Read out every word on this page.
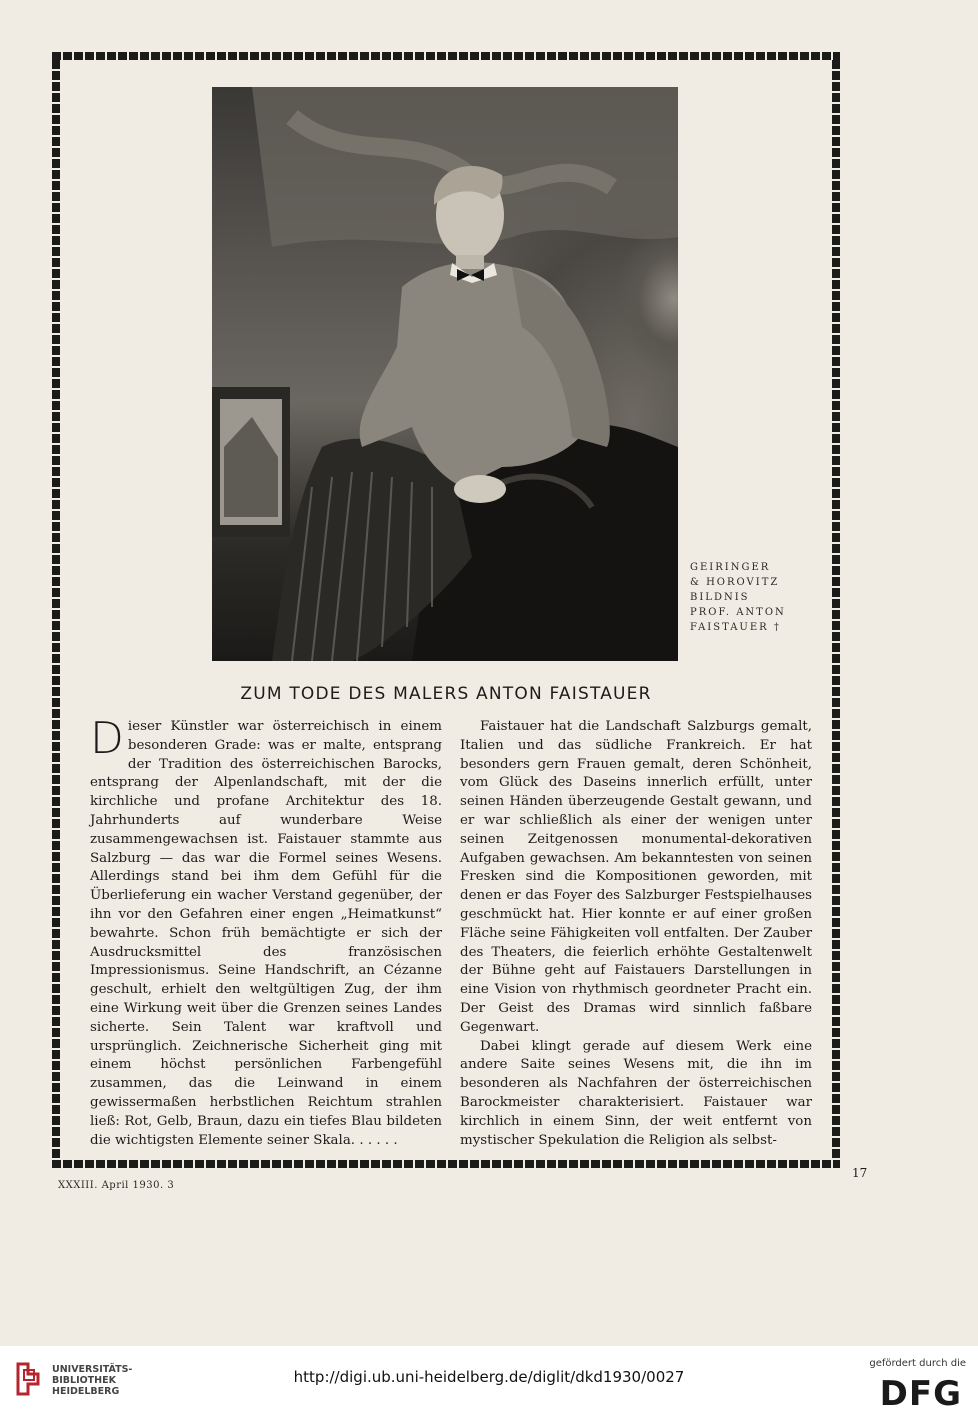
GEIRINGER
& HOROVITZ
BILDNIS
PROF. ANTON
FAISTAUER †
ZUM TODE DES MALERS ANTON FAISTAUER

Dieser Künstler war österreichisch in einem besonderen Grade: was er malte, entsprang der Tradition des österreichischen Barocks, entsprang der Alpenlandschaft, mit der die kirchliche und profane Architektur des 18. Jahrhunderts auf wunderbare Weise zusammengewachsen ist. Faistauer stammte aus Salzburg — das war die Formel seines Wesens. Allerdings stand bei ihm dem Gefühl für die Überlieferung ein wacher Verstand gegenüber, der ihn vor den Gefahren einer engen „Heimatkunst“ bewahrte. Schon früh bemächtigte er sich der Ausdrucksmittel des französischen Impressionismus. Seine Handschrift, an Cézanne geschult, erhielt den weltgültigen Zug, der ihm eine Wirkung weit über die Grenzen seines Landes sicherte. Sein Talent war kraftvoll und ursprünglich. Zeichnerische Sicherheit ging mit einem höchst persönlichen Farbengefühl zusammen, das die Leinwand in einem gewissermaßen herbstlichen Reichtum strahlen ließ: Rot, Gelb, Braun, dazu ein tiefes Blau bildeten die wichtigsten Elemente seiner Skala. . . . . .

Faistauer hat die Landschaft Salzburgs gemalt, Italien und das südliche Frankreich. Er hat besonders gern Frauen gemalt, deren Schönheit, vom Glück des Daseins innerlich erfüllt, unter seinen Händen überzeugende Gestalt gewann, und er war schließlich als einer der wenigen unter seinen Zeitgenossen monumental-dekorativen Aufgaben gewachsen. Am bekanntesten von seinen Fresken sind die Kompositionen geworden, mit denen er das Foyer des Salzburger Festspielhauses geschmückt hat. Hier konnte er auf einer großen Fläche seine Fähigkeiten voll entfalten. Der Zauber des Theaters, die feierlich erhöhte Gestaltenwelt der Bühne geht auf Faistauers Darstellungen in eine Vision von rhythmisch geordneter Pracht ein. Der Geist des Dramas wird sinnlich faßbare Gegenwart.

Dabei klingt gerade auf diesem Werk eine andere Saite seines Wesens mit, die ihn im besonderen als Nachfahren der österreichischen Barockmeister charakterisiert. Faistauer war kirchlich in einem Sinn, der weit entfernt von mystischer Spekulation die Religion als selbst-

17
XXXIII. April 1930. 3
UNIVERSITÄTS-
BIBLIOTHEK
HEIDELBERG
http://digi.ub.uni-heidelberg.de/diglit/dkd1930/0027
gefördert durch die
DFG
